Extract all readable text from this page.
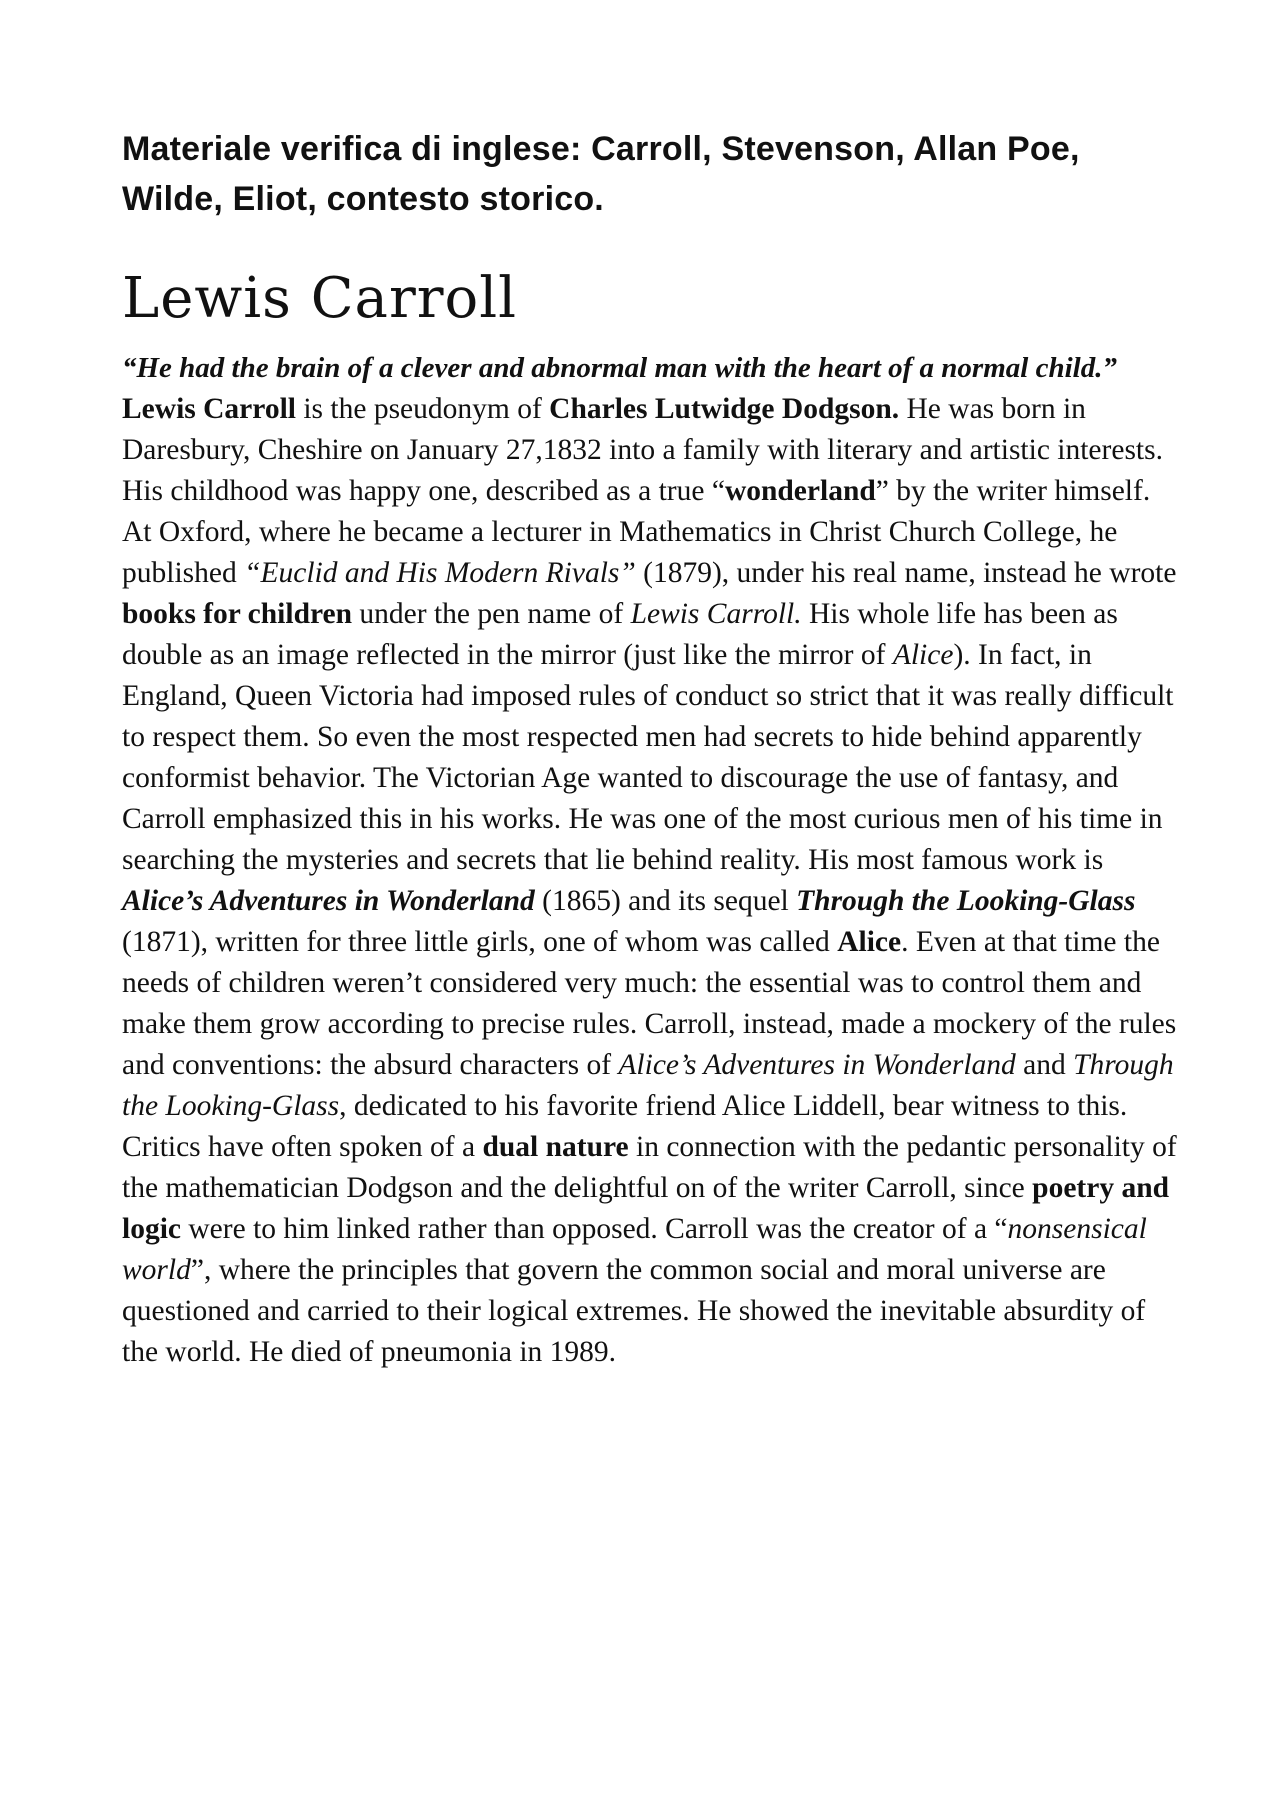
Materiale verifica di inglese: Carroll, Stevenson, Allan Poe, Wilde, Eliot, contesto storico.
Lewis Carroll

“He had the brain of a clever and abnormal man with the heart of a normal child.”

Lewis Carroll is the pseudonym of Charles Lutwidge Dodgson. He was born in Daresbury, Cheshire on January 27,1832 into a family with literary and artistic interests. His childhood was happy one, described as a true “wonderland” by the writer himself. At Oxford, where he became a lecturer in Mathematics in Christ Church College, he published “Euclid and His Modern Rivals” (1879), under his real name, instead he wrote books for children under the pen name of Lewis Carroll. His whole life has been as double as an image reflected in the mirror (just like the mirror of Alice). In fact, in England, Queen Victoria had imposed rules of conduct so strict that it was really difficult to respect them. So even the most respected men had secrets to hide behind apparently conformist behavior. The Victorian Age wanted to discourage the use of fantasy, and Carroll emphasized this in his works. He was one of the most curious men of his time in searching the mysteries and secrets that lie behind reality. His most famous work is Alice’s Adventures in Wonderland (1865) and its sequel Through the Looking-Glass (1871), written for three little girls, one of whom was called Alice. Even at that time the needs of children weren’t considered very much: the essential was to control them and make them grow according to precise rules. Carroll, instead, made a mockery of the rules and conventions: the absurd characters of Alice’s Adventures in Wonderland and Through the Looking-Glass, dedicated to his favorite friend Alice Liddell, bear witness to this.

Critics have often spoken of a dual nature in connection with the pedantic personality of the mathematician Dodgson and the delightful on of the writer Carroll, since poetry and logic were to him linked rather than opposed. Carroll was the creator of a “nonsensical world”, where the principles that govern the common social and moral universe are questioned and carried to their logical extremes. He showed the inevitable absurdity of the world. He died of pneumonia in 1989.
